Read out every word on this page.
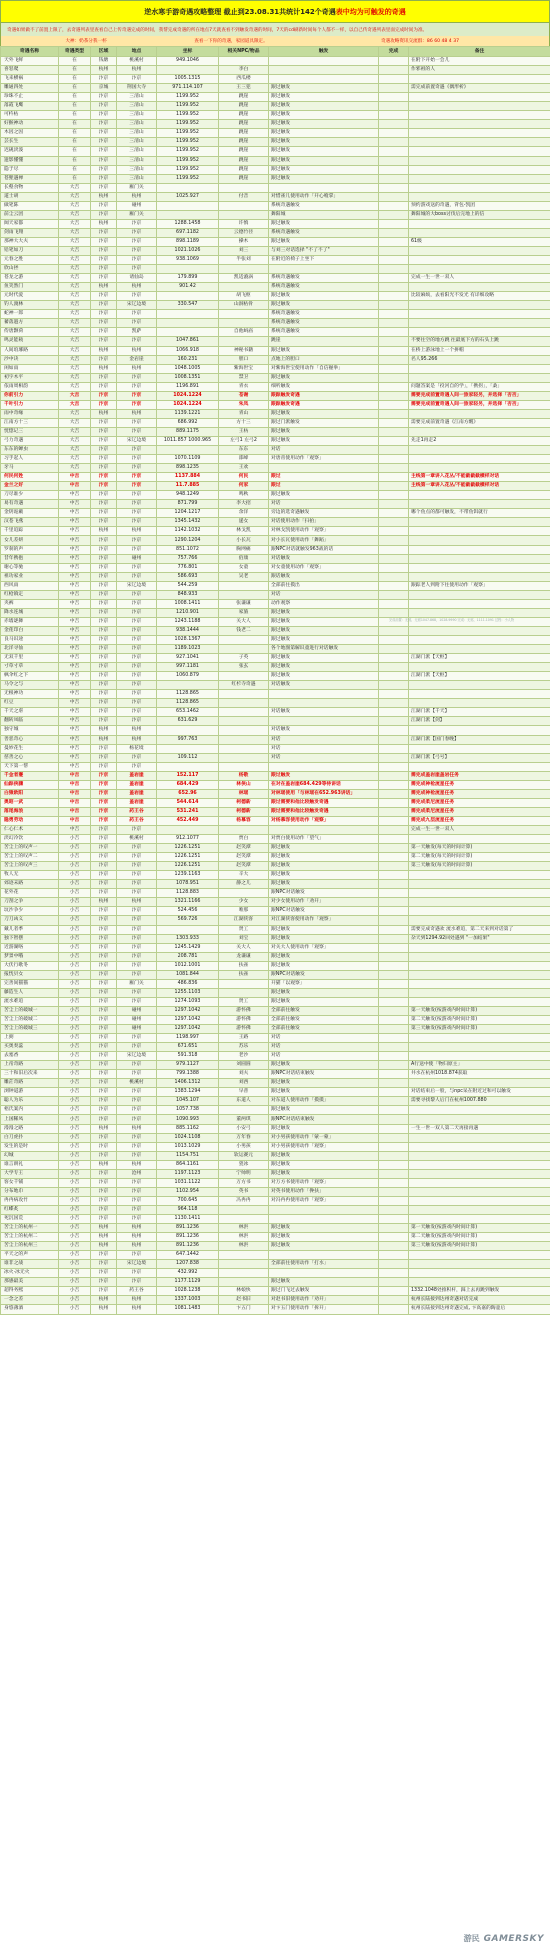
逆水寒手游奇遇攻略整理 截止到23.08.31共统计142个奇遇 表中均为可触发的奇遇
奇遇如果做不了前置上限了，去奇遇列表里查看自己上传奇遇完成的时间，我帮完成奇遇的所在地点7天就查看不到触发奇遇的时间，7天的cd刷新时间每个人都不一样，以自己传奇遇列表里面完成时间为准。
大神：奶茶分我一杯	查看一下你的奇遇，家园道具限定。	奇遇攻略资讯交流群：86 60 48 4 37
奇遇名称	奇遇类型	区域	地点	坐标	相关NPC/物品	触发	完成	备注
天外飞鲜	在	钱塘	桃溪村	949.1046				在附下开始一会儿
喜怒爬	在	杭州	杭州		李白			作邪祖的人
飞来横祸	在	汴京	汴京	1005.1315	西瓜楼			
雕通四处	在	京城	荆国大寺	971.114.107	王三犯	跟过触发		需完成前置奇遇《偶形析》
珍珠不止	在	汴京	三清山	1199.952	跳崖	跟过触发		
落霞飞鹰	在	汴京	三清山	1199.952	跳崖	跟过触发		
可杵枯	在	汴京	三清山	1199.952	跳崖	跟过触发		
好猴神动	在	汴京	三清山	1199.952	跳崖	跟过触发		
木因之因	在	汴京	三清山	1199.952	跳崖	跟过触发		
芸长生	在	汴京	三清山	1199.952	跳崖	跟过触发		
迟砚淡泼	在	汴京	三清山	1199.952	跳崖	跟过触发		
遗影懂懂	在	汴京	三清山	1199.952	跳崖	跟过触发		
隐于尽	在	汴京	三清山	1199.952	跳崖	跟过触发		
苍狸遇禅	在	汴京	三清山	1199.952	跳崖	跟过触发		
长壑食物	大吉	汴京	雁门关					
道士胡	大吉	杭州	杭州	1025.927	付音	对惜雀儿使用动作「开心噎掌」		
做笔陈	大吉	汴京	碰州			系统奇遇触发		预约游戏送的奇遇，背包-凯团
前尘云团	大吉	汴京	雁门关			舞阳城		舞阳城的大boss讨伐后完地上的信
阔天家都	大吉	杭州	汴京	1288.1458	许慎	跟过触发		
剑雨飞翔	大吉	汴京	汴京	697.1182	云德竹径	系统奇遇触发		
那神大大夫	大吉	汴京	汴京	898.1189	操木	跟过触发		61级
铅笔如刀	大吉	汴京	汴京	1021.1026	刘三	与刘三对话选择 "不了不了"		
元春之胜	大吉	汴京	汴京	938.1069	半张刘	在附近的椅子上坐下		
欣山拯	大吉	汴京	汴京					
苍龙之游	大吉	汴京	请仙岛	179.899	凯适漩涡	系统奇遇触发		完成一生一世一双人
鱼笑然门	大吉	杭州	杭州	901.42		系统奇遇触发		
元时代爱	大吉	汴京	汴京		胡飞枢	跟过触发		比较麻烦，去看阳光不发光 有详细攻略
钓人渡林	大吉	汴京	宋辽边境	330.547	山洞枯骨	跟过触发		
蛇神一郎	大吉	汴京	汴京			系统奇遇触发		
蓄落遐方	大吉	汴京	汴京			系统奇遇触发		
侍唐颢荷	大吉	汴京	凯萨		自他蚂庙	系统奇遇触发		
鸣灵能载	大吉	汴京	汴京	1047.861		跳崖		不要往空的地方跳 往最底下方的石头上跳
人间琅琊路	大吉	杭州	杭州	1066.918	神秘书籍	跟过触发		在桥上游泳地上一个拼帽
沙中诀	大吉	汴京	金岩崖	160.231	胆口	点地上的胆口		名人95.266
闲如雨	大吉	杭州	杭州	1048.1005	紫海世宝	对紫海世宝使用动作「自信握拳」		
初字木平	大吉	汴京	汴京	1008.1351	禁卫	跟过触发		
依雨周相韵	大吉	汴京	汴京	1196.891	青衣	细听触发		问题答案是「役河自的学」，「携拐」，「桑」
你前引力	大吉	汴京	汴京	1024.1224	苍谢	跟踪触发奇遇		需要完成前置奇遇人间一旅家轻另，并选择「否否」
千叶引力	大吉	汴京	汴京	1024.1224	朱凤	跟踪触发奇遇		需要完成前置奇遇人间一旅家轻另，并选择「否否」
雨中奇缘	大吉	杭州	杭州	1139.1221	青山	跟过触发		
江南方十三	大吉	汴京	汴京	686.992	方十三	跟过门派触发		需要完成前置奇遇《江南方醒》
恍惚记三	大吉	汴京	汴京	889.1175	王枋	跟过触发		
弓力奇遇	大吉	汴京	宋辽边境	1011.857 1000.965	左弓1 左弓2	跟过触发		先走1再走2
东东的蝉虫	大吉	汴京	汴京		东东	对话		
习手起人	大吉	汴京	汴京	1070.1109	邵峰	对唐帝使用动作「观察」		
牙马	大吉	汴京	汴京	898.1235	王欢			
何民何姓	中吉	汴京	汴京	1137.884	何民	跟过		主线第一章讲入花丛/不能截截截横样对话
金兰之好	中吉	汴京	汴京	11.7.885	何家	跟过		主线第一章讲入花丛/不能截截截横样对话
刀尽谁少	中吉	汴京	汴京	948.1249	鸣秋	跟过触发		
易有奇遇	中吉	汴京	汴京	871.799	李大招	对话		
金钥诡戴	中吉	汴京	汴京	1204.1217	余洋	旁边的选奇遇触发		哪个鱼点的都可触发，不带鱼饵就行
汉苍飞燕	中吉	汴京	汴京	1345.1432	递女	对话使用动作「扫拍」		
千里追踪	中吉	杭州	杭州	1142.1032	林戈凯	对林戈凯使用动作「观察」		
女儿差妍	中吉	汴京	汴京	1290.1204	小长瓦	对小长瓦使用动作「舞蹈」		
罗刹的声	中吉	汴京	汴京	851.1072	胸网痛	跟NPC对话就触发963战的话		
昔年携抱	中吉	汴京	碰州	757.766	佰康	对话触发		
谢心等驰	中吉	汴京	汴京	776.801	女童	对女童使用动作「观察」		
祖功家业	中吉	汴京	汴京	586.693	吴老	跟话触发		
西风雨	中吉	汴京	宋辽边境	544.259		全部前往摸出		跟踪老人到附下往使用动作「观察」
红枪镇定	中吉	汴京	汴京	848.933		对话		
夹裤	中吉	汴京	汴京	1008.1411	张谦谦	动作观察		
降水连城	中吉	汴京	汴京	1210.901	家旅	跟过触发		
赤墙逐舞	中吉	汴京	汴京	1243.1188	关大人	跟过触发		
金莲印白	中吉	汴京	汴京	938.1444	钱老二	跟过触发		
良马识途	中吉	汴京	汴京	1028.1367		跟过触发		
北洋寻仙	中吉	汴京	汴京	1189.1023		各个地图第解识童进行对话触发		
无双千里	中吉	汴京	汴京	927.1041	子英	跟过触发		江湖门派【天枢】
寸草寸草	中吉	汴京	汴京	997.1181	张玄	跟过触发		
枫伞红之下	中吉	汴京	汴京	1060.879		跟过触发		江湖门派【天枢】
马令之与	中吉	汴京	汴京		红杉寺奇遇	对话触发		
无根神功	中吉	汴京	汴京	1128.865				
红豆	中吉	汴京	汴京	1128.865				
千天之虐	中吉	汴京	汴京	653.1462		对话触发		江湖门派【千天】
翻转凤临	中吉	汴京	汴京	631.629				江湖门派【剑】
独守城	中吉	杭州	杭州			对话触发		
善恶奇心	中吉	杭州	杭州	997.763		对话		江湖门派【国门春晚】
曼妙花生	中吉	汴京	杨花境			对话		
慈善之心	中吉	汴京	汴京	109.112		对话		江湖门派【弓号】
天下第一帮	中吉	汴京	汴京					
千金者蹇	中吉	汴京	盖岩崖	152.117	杨敬	跟过触发		需完成盖岩崖盖岩任务
仙踪侠骤	中吉	汴京	盖岩崖	684.429	林侠山	在对在盖岩崖684.429等待讲话		需完成神枪流星任务
白猿欧阳	中吉	汴京	盖岩崖	652.96	林瑶	对林瑶使用「与林瑶在652.963讲话」		需完成神枪流星任务
奥昭一武	中吉	汴京	盖岩崖	544.614	柯德新	跟过需要和他比较触发奇遇		需完成柔尼流星任务
落尾海浪	中吉	汴京	药王谷	531.241	柯德新	跟过需要和他比较触发奇遇		需完成柔尼流星任务
隐勇劳动	中吉	汴京	药王谷	452.449	杨慕容	对杨慕容使用动作「观察」		需完成九层流星任务
仁心仁术	中吉	汴京	汴京					完成一生一世一双人
淡幻冷饮	小吉	汴京	桃溪村	912.1077	贾白	对贾白使用动作「望气」		
苦尘上的叹声一	小吉	汴京	汴京	1226.1251	赵笑潭	跟过触发		第一天触发(每天的时间计算)
苦尘上的叹声二	小吉	汴京	汴京	1226.1251	赵笑潭	跟过触发		第二天触发(每天的时间计算)
苦尘上的叹声三	小吉	汴京	汴京	1226.1251	赵笑潭	跟过触发		第三天触发(每天的时间计算)
牧人无	小吉	汴京	汴京	1239.1163	辛大	跟过触发		
郊迹末路	小吉	汴京	汴京	1078.951	静之儿	跟过触发		
花外花	小吉	汴京	汴京	1128.883		跟NPC对话触发		
刀刮之争	小吉	杭州	杭州	1321.1166	少女	对少女使用动作「劝开」		
坟沙争少	小吉	汴京	汴京	524.456	唯那	跟NPC对话触发		
刀刀凶义	小吉	汴京	汴京	569.726	江湖侠客	对江湖侠客使用动作「观察」		
戴儿者季	小吉	汴京	汴京		贤工	跟过触发		需要完成奇遇欢 流水难追，第二天来到对话第了
独下智摆	小吉	汴京	汴京	1303.933	刘宝	跟过触发		杂天到1294.92回处遇到 "一加结果"
近游湖咯	小吉	汴京	汴京	1245.1429	关大人	对关大人使用动作「观察」		
梦景中哦	小吉	汴京	汴京	208.781	龙谦谦	跟过触发		
大伏行歌冬	小吉	汴京	汴京	1012.1001	扶雀	跟过触发		
报恍贝女	小吉	汴京	汴京	1081.844	扶雀	跟NPC对话触发		
完善间猫猫	小吉	汴京	雁门关	486.836		开猫「以观察」		
藤造生人	小吉	汴京	汴京	1255.1103		跟过触发		
流水难追	小吉	汴京	汴京	1274.1093	贤工	跟过触发		
苦尘上的破城一	小吉	汴京	碰州	1297.1042	游怀佛	全部前往触发		第一天触发(按游戏内时间计算)
苦尘上的破城二	小吉	汴京	碰州	1297.1042	游怀佛	全部前往触发		第二天触发(按游戏内时间计算)
苦尘上的破城三	小吉	汴京	碰州	1297.1042	游怀佛	全部前往触发		第三天触发(按游戏内时间计算)
上弼	小吉	汴京	汴京	1198.997	王路	对话		
买奥奏蕊	小吉	汴京	汴京	671.651	苏乐	对话		
去塞香	小吉	汴京	宋辽边境	591.318	老沙	对话		
上帝奇路	小吉	汴京	汴京	979.1127	刘圆圆	跟过触发		A行送中使「物归原主」
三十和旧后次来	小吉	汴京	汴京	799.1388	刘夫	跟NPC对话结束触发		井水在杭州1018.874获取
雕茫奇路	小吉	汴京	桃溪村	1406.1312	刘西	跟过触发		
浏钟道游	小吉	汴京	汴京	1383.1294	早普	跟过触发		对话结束后一股，与npc呆在附近过和可以触发
聪人为乐	小吉	汴京	汴京	1045.107	东道人	对东道人使用动作「摸摸」		需要寻找黎人后门在杭州1007.880
梧氏案内	小吉	汴京	汴京	1057.738		跟过触发		
上国稀凤	小吉	汴京	汴京	1090.993	董两琪	跟NPC对话结束触发		
漫漫之路	小吉	杭州	杭州	885.1162	小安弓	跟过触发		一生一世一双人第二天再接再遇
白刀虎扑	小吉	汴京	汴京	1024.1108	万年春	对小男孩使用动作「蒙一蒙」		
发生的是时	小吉	汴京	汴京	1013.1029	小男孩	对小男孩使用动作「观察」		
幻城	小吉	汴京	汴京	1154.751	软运赛元	跟过触发		
谁言朗礼	小吉	杭州	杭州	864.1161	瓷冰	跟过触发		
大学专王	小吉	汴京	沧州	1197.1123	宁帅明	跟过触发		
客女千铺	小吉	汴京	汴京	1031.1122	万方书	对万方书使用动作「观察」		
分布地巾	小吉	汴京	汴京	1102.954	英书	对英书使用动作「搀扶」		
冉冉病攻竹	小吉	汴京	汴京	700.645	冯冉冉	对冯冉冉使用动作「观察」		
红蝶炙	小吉	汴京	汴京	964.118				
死沉国荒	小吉	汴京	汴京	1130.1411				
苦尘上的杭州一	小吉	杭州	杭州	891.1236	林洪	跟过触发		第一天触发(按游戏内时间计算)
苦尘上的杭州二	小吉	杭州	杭州	891.1236	林洪	跟过触发		第二天触发(按游戏内时间计算)
苦尘上的杭州三	小吉	杭州	杭州	891.1236	林洪	跟过触发		第三天触发(按游戏内时间计算)
平天之的声	小吉	汴京	汴京	647.1442				
谁非之战	小吉	汴京	宋辽边境	1207.838		全部前往使用动作「打水」		
冰火·冰无火	小吉	汴京	汴京	432.992				
那感最美	小吉	汴京	汴京	1177.1129		跟过触发		
超得务熙	小吉	汴京	药王谷	1028.1238	林娘快	跟过门飞过去触发		1332.1048处推积杆，踩上去再跳到触发
一念之差	小吉	杭州	杭州	1337.1003	赵书旧	对赵书旧使用动作「劝开」		杭州长陆接到达州奇遇对话完成
身悠薄酒	小吉	杭州	杭州	1081.1483	卞五门	对卞五门使用动作「拆开」		杭州长陆接到达州奇遇完成, 卞高嘉的陶壶后
完成前置：无邪，无邪1047.868，1028.9990 完成：无邪，1111.1091 过程：小人物
游民 GAMERSKY
